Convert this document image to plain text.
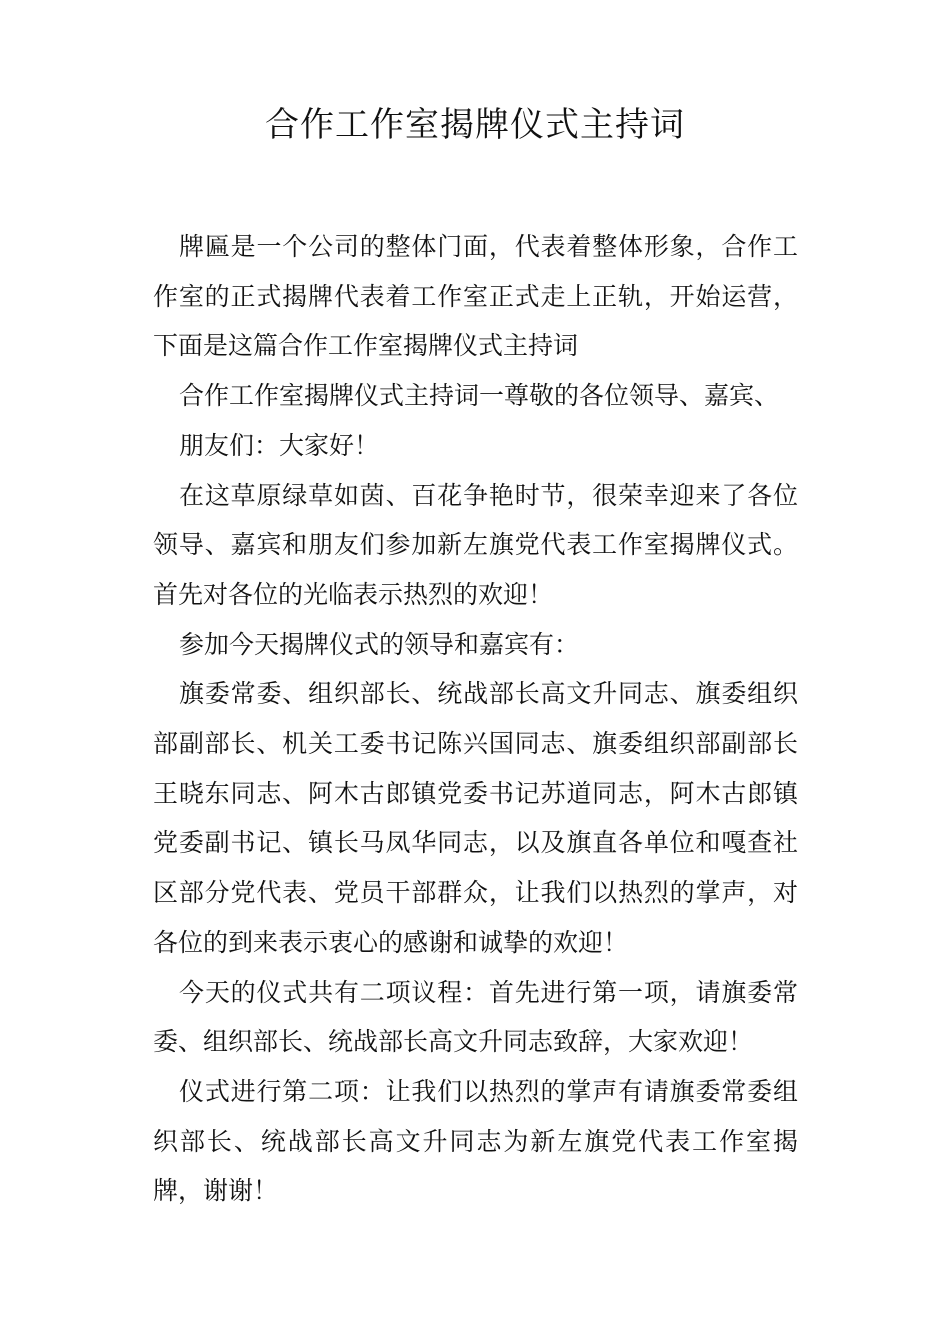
合作工作室揭牌仪式主持词

牌匾是一个公司的整体门面，代表着整体形象，合作工作室的正式揭牌代表着工作室正式走上正轨，开始运营，下面是这篇合作工作室揭牌仪式主持词

合作工作室揭牌仪式主持词一尊敬的各位领导、嘉宾、

朋友们：大家好！

在这草原绿草如茵、百花争艳时节，很荣幸迎来了各位领导、嘉宾和朋友们参加新左旗党代表工作室揭牌仪式。首先对各位的光临表示热烈的欢迎！

参加今天揭牌仪式的领导和嘉宾有：

旗委常委、组织部长、统战部长高文升同志、旗委组织部副部长、机关工委书记陈兴国同志、旗委组织部副部长王晓东同志、阿木古郎镇党委书记苏道同志，阿木古郎镇党委副书记、镇长马凤华同志，以及旗直各单位和嘎查社区部分党代表、党员干部群众，让我们以热烈的掌声，对各位的到来表示衷心的感谢和诚挚的欢迎！

今天的仪式共有二项议程：首先进行第一项，请旗委常委、组织部长、统战部长高文升同志致辞，大家欢迎！

仪式进行第二项：让我们以热烈的掌声有请旗委常委组织部长、统战部长高文升同志为新左旗党代表工作室揭牌，谢谢！
